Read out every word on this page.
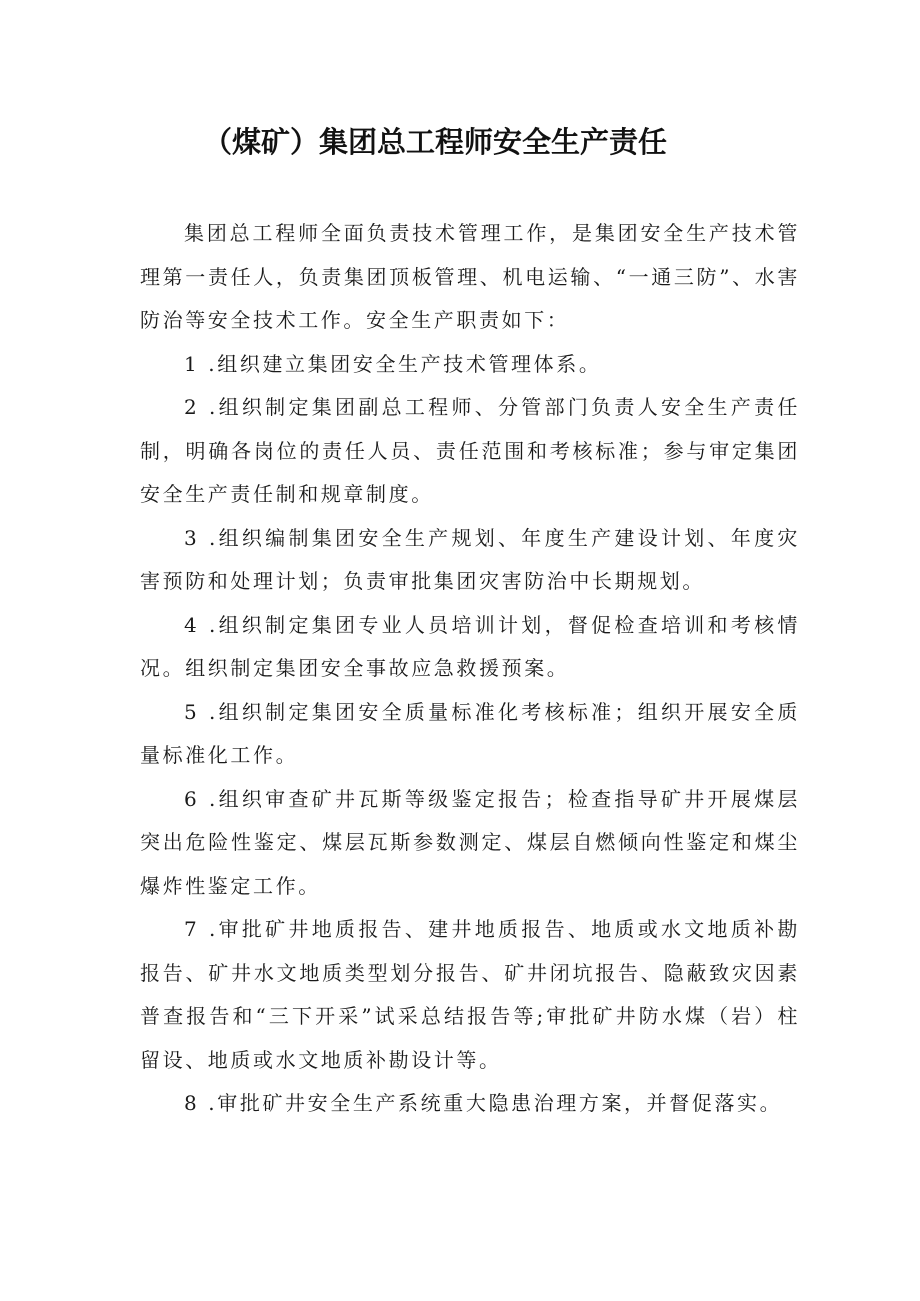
（煤矿）集团总工程师安全生产责任

集团总工程师全面负责技术管理工作，是集团安全生产技术管理第一责任人，负责集团顶板管理、机电运输、“一通三防”、水害防治等安全技术工作。安全生产职责如下：

1 .组织建立集团安全生产技术管理体系。

2 .组织制定集团副总工程师、分管部门负责人安全生产责任制，明确各岗位的责任人员、责任范围和考核标准；参与审定集团安全生产责任制和规章制度。

3 .组织编制集团安全生产规划、年度生产建设计划、年度灾害预防和处理计划；负责审批集团灾害防治中长期规划。

4 .组织制定集团专业人员培训计划，督促检查培训和考核情况。组织制定集团安全事故应急救援预案。

5 .组织制定集团安全质量标准化考核标准；组织开展安全质量标准化工作。

6 .组织审查矿井瓦斯等级鉴定报告；检查指导矿井开展煤层突出危险性鉴定、煤层瓦斯参数测定、煤层自燃倾向性鉴定和煤尘爆炸性鉴定工作。

7 .审批矿井地质报告、建井地质报告、地质或水文地质补勘报告、矿井水文地质类型划分报告、矿井闭坑报告、隐蔽致灾因素普查报告和“三下开采”试采总结报告等;审批矿井防水煤（岩）柱留设、地质或水文地质补勘设计等。

8 .审批矿井安全生产系统重大隐患治理方案，并督促落实。
